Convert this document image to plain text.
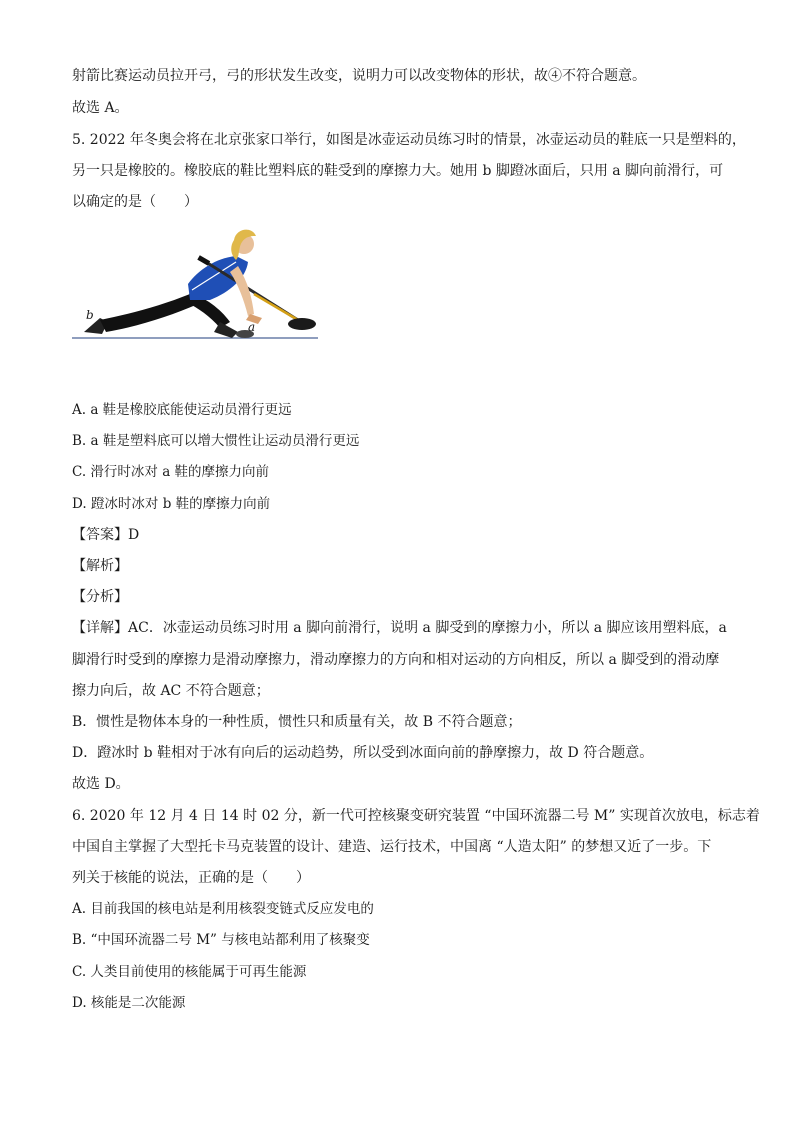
射箭比赛运动员拉开弓，弓的形状发生改变，说明力可以改变物体的形状，故④不符合题意。
故选 A。
5. 2022 年冬奥会将在北京张家口举行，如图是冰壶运动员练习时的情景，冰壶运动员的鞋底一只是塑料的，
另一只是橡胶的。橡胶底的鞋比塑料底的鞋受到的摩擦力大。她用 b 脚蹬冰面后，只用 a 脚向前滑行，可
以确定的是（　　）
b
a
A. a 鞋是橡胶底能使运动员滑行更远
B. a 鞋是塑料底可以增大惯性让运动员滑行更远
C. 滑行时冰对 a 鞋的摩擦力向前
D. 蹬冰时冰对 b 鞋的摩擦力向前
【答案】D
【解析】
【分析】
【详解】AC．冰壶运动员练习时用 a 脚向前滑行，说明 a 脚受到的摩擦力小，所以 a 脚应该用塑料底，a
脚滑行时受到的摩擦力是滑动摩擦力，滑动摩擦力的方向和相对运动的方向相反，所以 a 脚受到的滑动摩
擦力向后，故 AC 不符合题意；
B．惯性是物体本身的一种性质，惯性只和质量有关，故 B 不符合题意；
D．蹬冰时 b 鞋相对于冰有向后的运动趋势，所以受到冰面向前的静摩擦力，故 D 符合题意。
故选 D。
6. 2020 年 12 月 4 日 14 时 02 分，新一代可控核聚变研究装置 “中国环流器二号 M” 实现首次放电，标志着
中国自主掌握了大型托卡马克装置的设计、建造、运行技术，中国离 “人造太阳” 的梦想又近了一步。下
列关于核能的说法，正确的是（　　）
A. 目前我国的核电站是利用核裂变链式反应发电的
B. “中国环流器二号 M” 与核电站都利用了核聚变
C. 人类目前使用的核能属于可再生能源
D. 核能是二次能源
